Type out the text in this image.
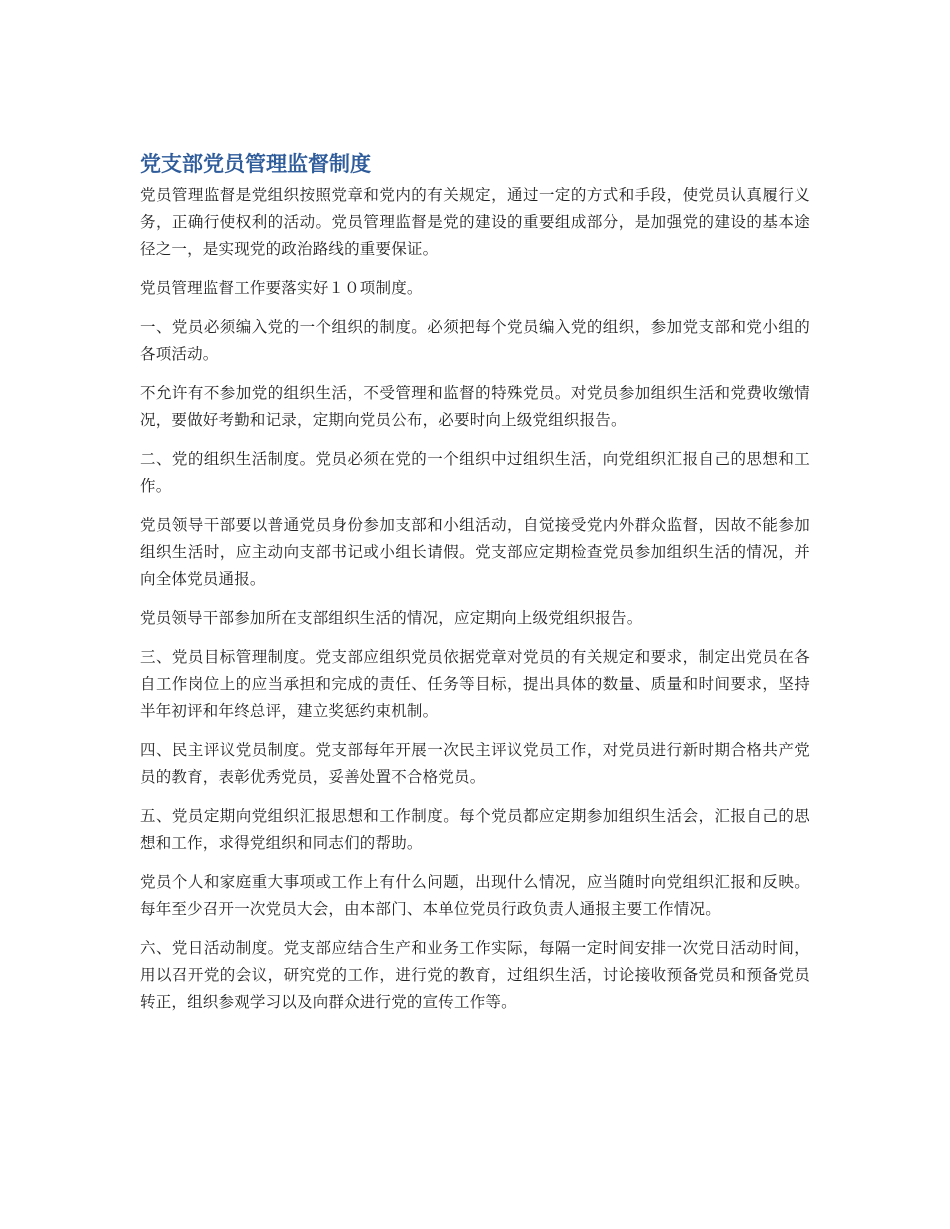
党支部党员管理监督制度

党员管理监督是党组织按照党章和党内的有关规定，通过一定的方式和手段，使党员认真履行义务，正确行使权利的活动。党员管理监督是党的建设的重要组成部分，是加强党的建设的基本途径之一，是实现党的政治路线的重要保证。

党员管理监督工作要落实好１０项制度。

一、党员必须编入党的一个组织的制度。必须把每个党员编入党的组织，参加党支部和党小组的各项活动。

不允许有不参加党的组织生活，不受管理和监督的特殊党员。对党员参加组织生活和党费收缴情况，要做好考勤和记录，定期向党员公布，必要时向上级党组织报告。

二、党的组织生活制度。党员必须在党的一个组织中过组织生活，向党组织汇报自己的思想和工作。

党员领导干部要以普通党员身份参加支部和小组活动，自觉接受党内外群众监督，因故不能参加组织生活时，应主动向支部书记或小组长请假。党支部应定期检查党员参加组织生活的情况，并向全体党员通报。

党员领导干部参加所在支部组织生活的情况，应定期向上级党组织报告。

三、党员目标管理制度。党支部应组织党员依据党章对党员的有关规定和要求，制定出党员在各自工作岗位上的应当承担和完成的责任、任务等目标，提出具体的数量、质量和时间要求，坚持半年初评和年终总评，建立奖惩约束机制。

四、民主评议党员制度。党支部每年开展一次民主评议党员工作，对党员进行新时期合格共产党员的教育，表彰优秀党员，妥善处置不合格党员。

五、党员定期向党组织汇报思想和工作制度。每个党员都应定期参加组织生活会，汇报自己的思想和工作，求得党组织和同志们的帮助。

党员个人和家庭重大事项或工作上有什么问题，出现什么情况，应当随时向党组织汇报和反映。每年至少召开一次党员大会，由本部门、本单位党员行政负责人通报主要工作情况。

六、党日活动制度。党支部应结合生产和业务工作实际，每隔一定时间安排一次党日活动时间，用以召开党的会议，研究党的工作，进行党的教育，过组织生活，讨论接收预备党员和预备党员转正，组织参观学习以及向群众进行党的宣传工作等。
